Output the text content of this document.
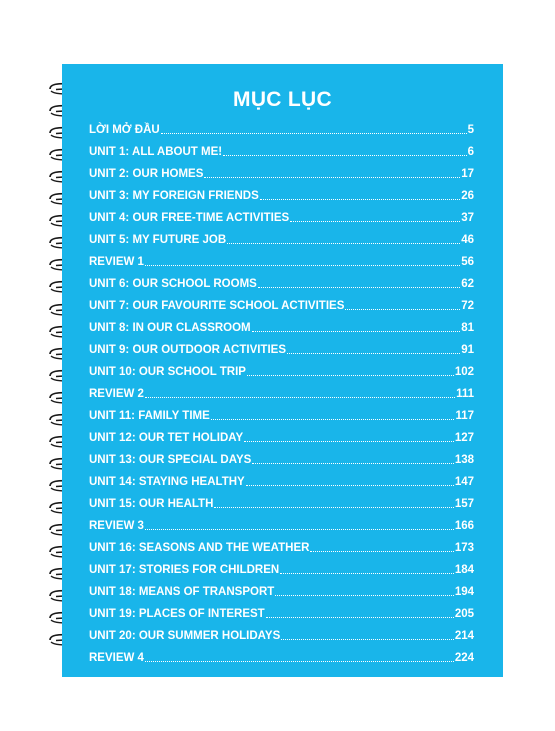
MỤC LỤC
LỜI MỞ ĐẦU	5
UNIT 1: ALL ABOUT ME!	6
UNIT 2: OUR HOMES	17
UNIT 3: MY FOREIGN FRIENDS	26
UNIT 4: OUR FREE-TIME ACTIVITIES	37
UNIT 5: MY FUTURE JOB	46
REVIEW 1	56
UNIT 6: OUR SCHOOL ROOMS	62
UNIT 7: OUR FAVOURITE SCHOOL ACTIVITIES	72
UNIT 8: IN OUR CLASSROOM	81
UNIT 9: OUR OUTDOOR ACTIVITIES	91
UNIT 10: OUR SCHOOL TRIP	102
REVIEW 2	111
UNIT 11: FAMILY TIME	117
UNIT 12: OUR TET HOLIDAY	127
UNIT 13: OUR SPECIAL DAYS	138
UNIT 14: STAYING HEALTHY	147
UNIT 15: OUR HEALTH	157
REVIEW 3	166
UNIT 16: SEASONS AND THE WEATHER	173
UNIT 17: STORIES FOR CHILDREN	184
UNIT 18: MEANS OF TRANSPORT	194
UNIT 19: PLACES OF INTEREST	205
UNIT 20: OUR SUMMER HOLIDAYS	214
REVIEW 4	224
